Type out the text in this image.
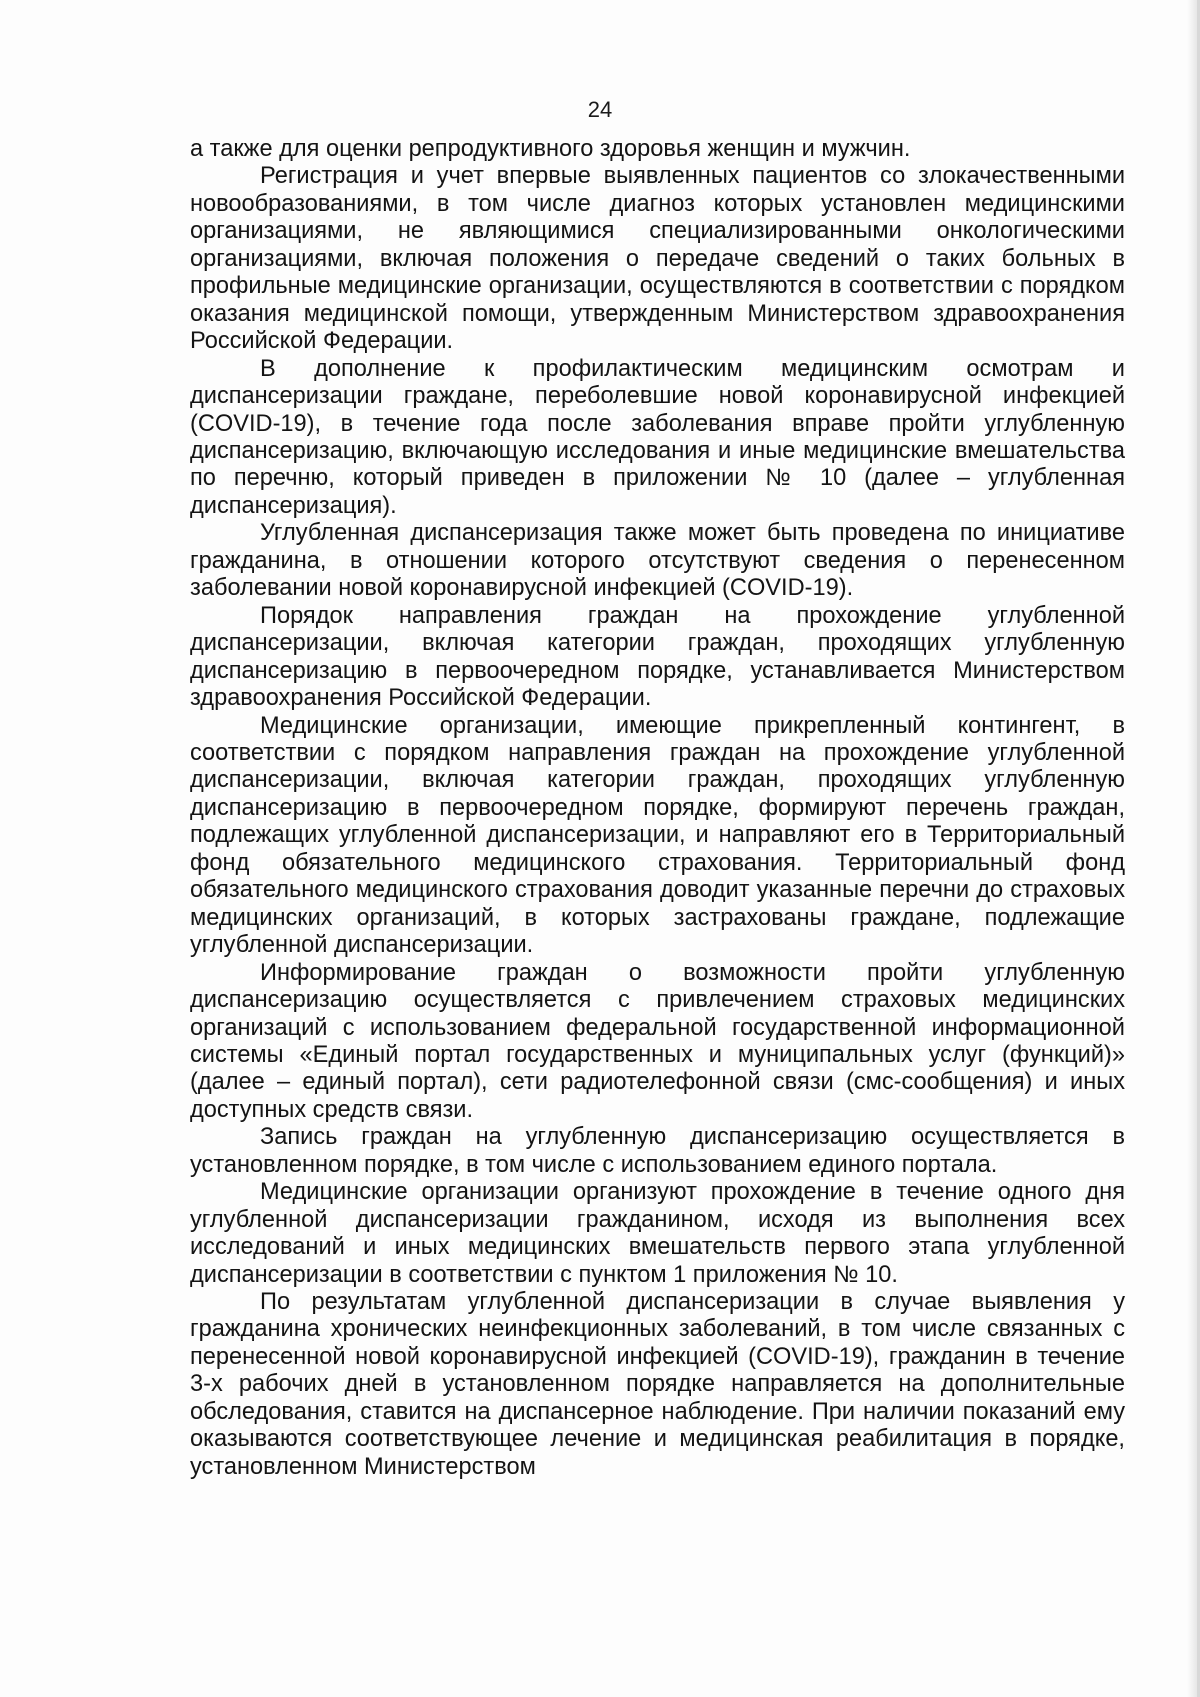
24

а также для оценки репродуктивного здоровья женщин и мужчин.

Регистрация и учет впервые выявленных пациентов со злокачественными новообразованиями, в том числе диагноз которых установлен медицинскими организациями, не являющимися специализированными онкологическими организациями, включая положения о передаче сведений о таких больных в профильные медицинские организации, осуществляются в соответствии с порядком оказания медицинской помощи, утвержденным Министерством здравоохранения Российской Федерации.

В дополнение к профилактическим медицинским осмотрам и диспансеризации граждане, переболевшие новой коронавирусной инфекцией (COVID-19), в течение года после заболевания вправе пройти углубленную диспансеризацию, включающую исследования и иные медицинские вмешательства по перечню, который приведен в приложении № 10 (далее – углубленная диспансеризация).

Углубленная диспансеризация также может быть проведена по инициативе гражданина, в отношении которого отсутствуют сведения о перенесенном заболевании новой коронавирусной инфекцией (COVID-19).

Порядок направления граждан на прохождение углубленной диспансеризации, включая категории граждан, проходящих углубленную диспансеризацию в первоочередном порядке, устанавливается Министерством здравоохранения Российской Федерации.

Медицинские организации, имеющие прикрепленный контингент, в соответствии с порядком направления граждан на прохождение углубленной диспансеризации, включая категории граждан, проходящих углубленную диспансеризацию в первоочередном порядке, формируют перечень граждан, подлежащих углубленной диспансеризации, и направляют его в Территориальный фонд обязательного медицинского страхования. Территориальный фонд обязательного медицинского страхования доводит указанные перечни до страховых медицинских организаций, в которых застрахованы граждане, подлежащие углубленной диспансеризации.

Информирование граждан о возможности пройти углубленную диспансеризацию осуществляется с привлечением страховых медицинских организаций с использованием федеральной государственной информационной системы «Единый портал государственных и муниципальных услуг (функций)» (далее – единый портал), сети радиотелефонной связи (смс-сообщения) и иных доступных средств связи.

Запись граждан на углубленную диспансеризацию осуществляется в установленном порядке, в том числе с использованием единого портала.

Медицинские организации организуют прохождение в течение одного дня углубленной диспансеризации гражданином, исходя из выполнения всех исследований и иных медицинских вмешательств первого этапа углубленной диспансеризации в соответствии с пунктом 1 приложения № 10.

По результатам углубленной диспансеризации в случае выявления у гражданина хронических неинфекционных заболеваний, в том числе связанных с перенесенной новой коронавирусной инфекцией (COVID-19), гражданин в течение 3-х рабочих дней в установленном порядке направляется на дополнительные обследования, ставится на диспансерное наблюдение. При наличии показаний ему оказываются соответствующее лечение и медицинская реабилитация в порядке, установленном Министерством
